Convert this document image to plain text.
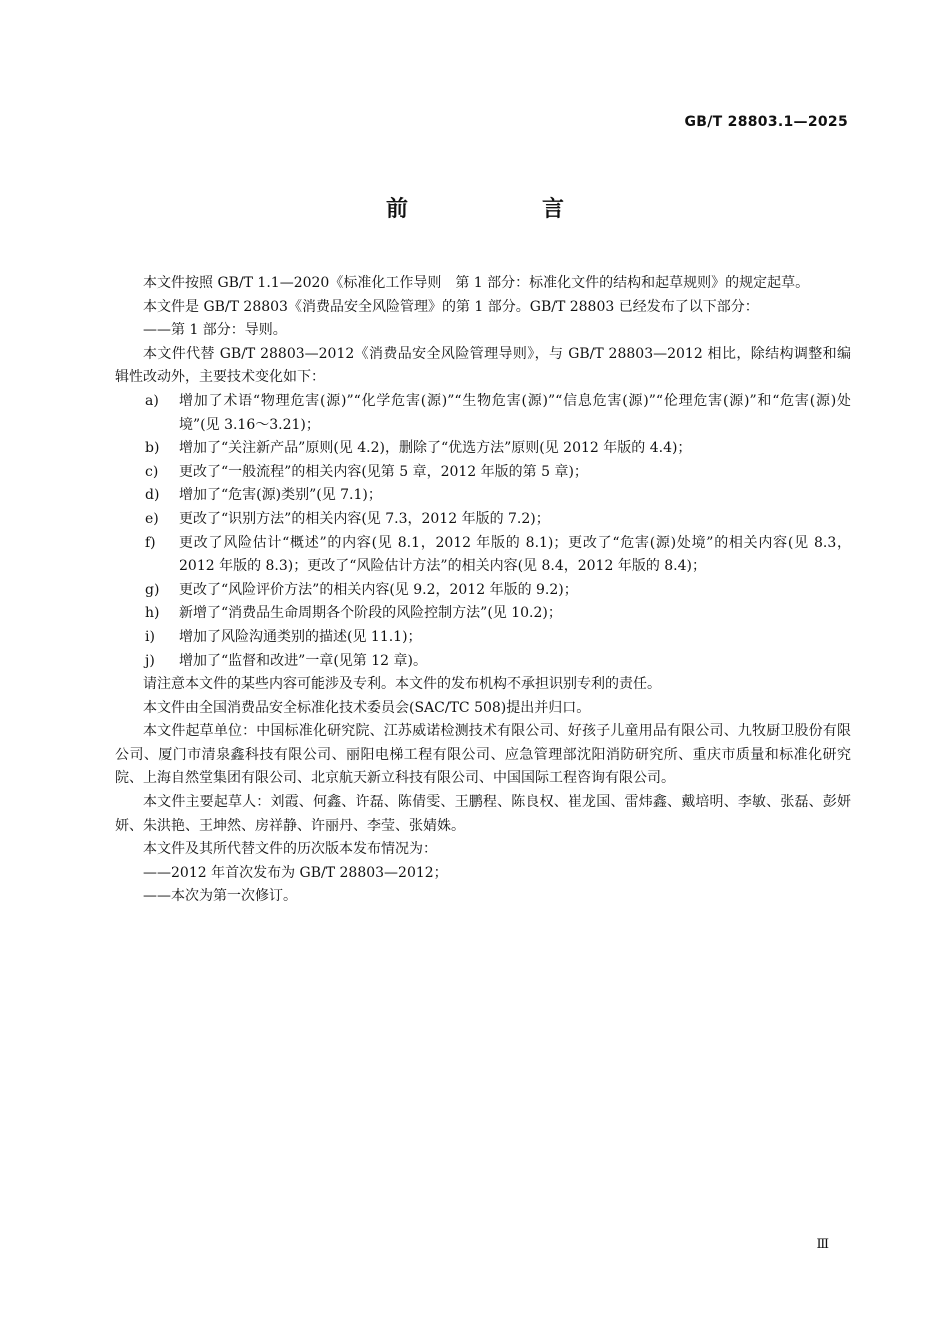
GB/T 28803.1—2025
前　言

本文件按照 GB/T 1.1—2020《标准化工作导则　第 1 部分：标准化文件的结构和起草规则》的规定起草。

本文件是 GB/T 28803《消费品安全风险管理》的第 1 部分。GB/T 28803 已经发布了以下部分：

——第 1 部分：导则。

本文件代替 GB/T 28803—2012《消费品安全风险管理导则》，与 GB/T 28803—2012 相比，除结构调整和编辑性改动外，主要技术变化如下：

a) 增加了术语“物理危害(源)”“化学危害(源)”“生物危害(源)”“信息危害(源)”“伦理危害(源)”和“危害(源)处境”(见 3.16～3.21)；

b) 增加了“关注新产品”原则(见 4.2)，删除了“优选方法”原则(见 2012 年版的 4.4)；

c) 更改了“一般流程”的相关内容(见第 5 章，2012 年版的第 5 章)；

d) 增加了“危害(源)类别”(见 7.1)；

e) 更改了“识别方法”的相关内容(见 7.3，2012 年版的 7.2)；

f) 更改了风险估计“概述”的内容(见 8.1，2012 年版的 8.1)；更改了“危害(源)处境”的相关内容(见 8.3，2012 年版的 8.3)；更改了“风险估计方法”的相关内容(见 8.4，2012 年版的 8.4)；

g) 更改了“风险评价方法”的相关内容(见 9.2，2012 年版的 9.2)；

h) 新增了“消费品生命周期各个阶段的风险控制方法”(见 10.2)；

i) 增加了风险沟通类别的描述(见 11.1)；

j) 增加了“监督和改进”一章(见第 12 章)。

请注意本文件的某些内容可能涉及专利。本文件的发布机构不承担识别专利的责任。

本文件由全国消费品安全标准化技术委员会(SAC/TC 508)提出并归口。

本文件起草单位：中国标准化研究院、江苏威诺检测技术有限公司、好孩子儿童用品有限公司、九牧厨卫股份有限公司、厦门市清泉鑫科技有限公司、丽阳电梯工程有限公司、应急管理部沈阳消防研究所、重庆市质量和标准化研究院、上海自然堂集团有限公司、北京航天新立科技有限公司、中国国际工程咨询有限公司。

本文件主要起草人：刘霞、何鑫、许磊、陈倩雯、王鹏程、陈良权、崔龙国、雷炜鑫、戴培明、李敏、张磊、彭妍妍、朱洪艳、王坤然、房祥静、许丽丹、李莹、张婧姝。

本文件及其所代替文件的历次版本发布情况为：

——2012 年首次发布为 GB/T 28803—2012；

——本次为第一次修订。

Ⅲ
